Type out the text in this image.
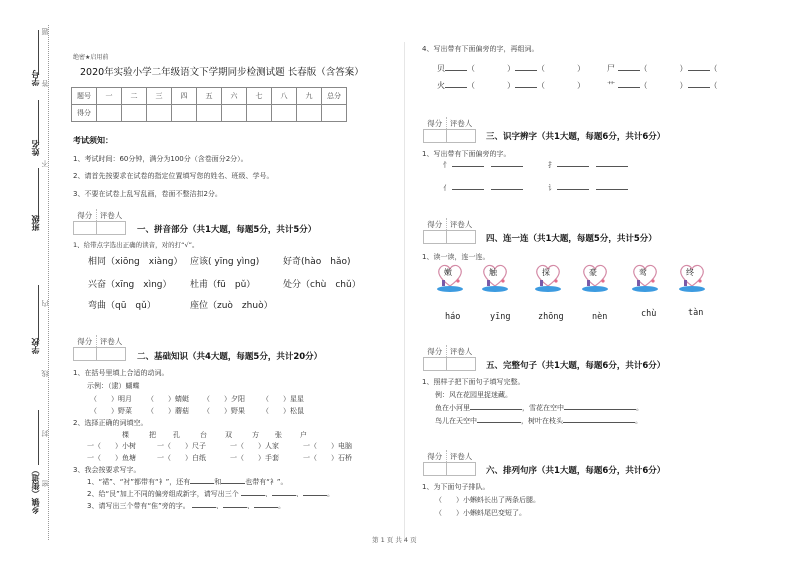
学号
姓名
班级
学校
乡镇（街道）
题
答
不
内
线
封
密
绝密★启用前
2020年实验小学二年级语文下学期同步检测试题 长春版（含答案）
题号	一	二	三	四	五	六	七	八	九	总分
得分										
考试须知：
1、考试时间：60分钟，满分为100分（含卷面分2分）。
2、请首先按要求在试卷的指定位置填写您的姓名、班级、学号。
3、不要在试卷上乱写乱画，卷面不整洁扣2分。
得分	评卷人

一、拼音部分（共1大题，每题5分，共计5分）
1、给带点字选出正确的读音，对的打“√”。
相同（xiōng　xiàng） 应该( yīng yìng)	好奇(hào　hǎo)
兴奋（xīng　xìng） 杜甫（fū　pǔ）	处分（chù　chǔ）
弯曲（qū　qǔ）	座位（zuò　zhuò）
得分	评卷人

二、基础知识（共4大题，每题5分，共计20分）
1、在括号里填上合适的动词。
示例：（逮）蝴蝶
（　　）明月 （　　）蜻蜓 （　　）夕阳 （　　）星星
（　　）野菜 （　　）蘑菇 （　　）野果 （　　）松鼠
2、选择正确的词填空。
棵	把 孔	台	双	方 张	户
一（　　）小树	一（　　）尺子	一（　　）人家	一（　　）电脑
一（　　）鱼塘	一（　　）白纸	一（　　）手套	一（　　）石桥
3、我会按要求写字。
1、“裙”、“衬”都带有“衤”，还有	和	也带有“衤”。
2、给“艮”加上不同的偏旁组成新字，请写出三个	、	、	。
3、请写出三个带有“隹”旁的字。	、	、	。
4、写出带有下面偏旁的字，再组词。
贝	（	）	（	）	尸	（	）	（
火	（	）	（	）	艹	（	）	（
得分	评卷人

三、识字辨字（共1大题，每题6分，共计6分）
1、写出带有下面偏旁的字。
忄	扌
亻	讠
得分	评卷人

四、连一连（共1大题，每题5分，共计5分）
1、读一读，连一连。
嫩	触	探	豪	莺	终
háo	yīng	zhōng	nèn	chù	tàn
得分	评卷人

五、完整句子（共1大题，每题6分，共计6分）
1、照样子把下面句子填写完整。
例：风在花园里捉迷藏。
鱼在小河里	，雪花在空中	。
鸟儿在天空中	，树叶在枝头	。
得分	评卷人

六、排列句序（共1大题，每题6分，共计6分）
1、为下面句子排队。
（　　）小蝌蚪长出了两条后腿。
（　　）小蝌蚪尾巴变短了。
第 1 页 共 4 页
